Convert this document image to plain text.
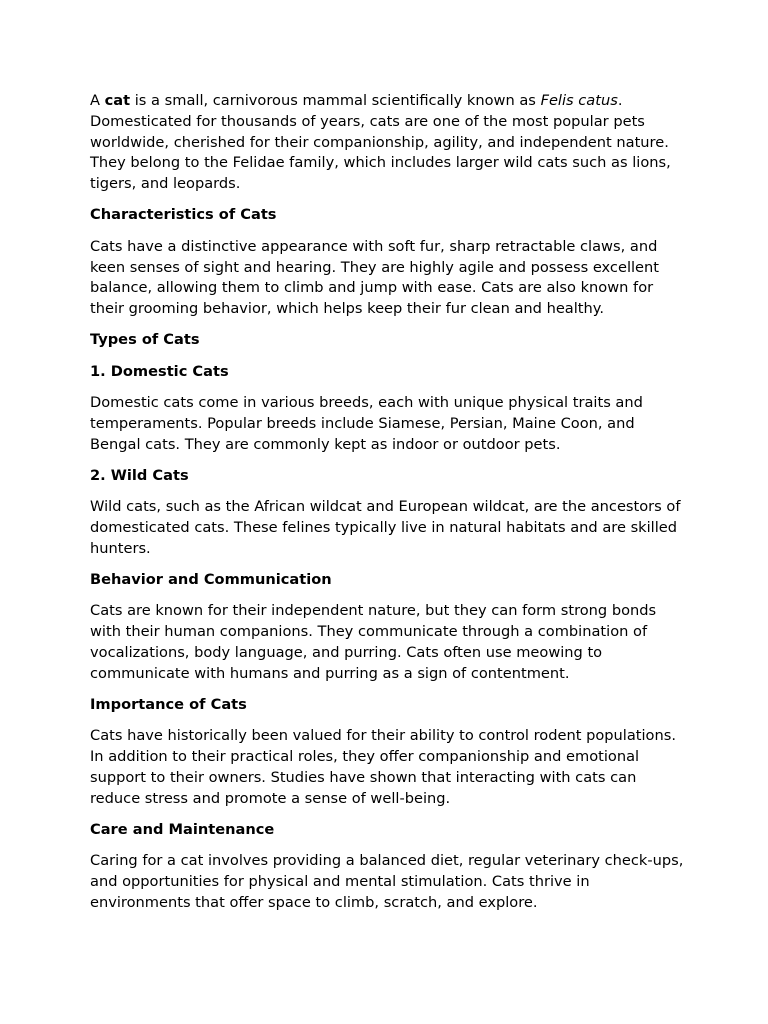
A cat is a small, carnivorous mammal scientifically known as Felis catus. Domesticated for thousands of years, cats are one of the most popular pets worldwide, cherished for their companionship, agility, and independent nature. They belong to the Felidae family, which includes larger wild cats such as lions, tigers, and leopards.

Characteristics of Cats

Cats have a distinctive appearance with soft fur, sharp retractable claws, and keen senses of sight and hearing. They are highly agile and possess excellent balance, allowing them to climb and jump with ease. Cats are also known for their grooming behavior, which helps keep their fur clean and healthy.

Types of Cats
1. Domestic Cats

Domestic cats come in various breeds, each with unique physical traits and temperaments. Popular breeds include Siamese, Persian, Maine Coon, and Bengal cats. They are commonly kept as indoor or outdoor pets.

2. Wild Cats

Wild cats, such as the African wildcat and European wildcat, are the ancestors of domesticated cats. These felines typically live in natural habitats and are skilled hunters.

Behavior and Communication

Cats are known for their independent nature, but they can form strong bonds with their human companions. They communicate through a combination of vocalizations, body language, and purring. Cats often use meowing to communicate with humans and purring as a sign of contentment.

Importance of Cats

Cats have historically been valued for their ability to control rodent populations. In addition to their practical roles, they offer companionship and emotional support to their owners. Studies have shown that interacting with cats can reduce stress and promote a sense of well-being.

Care and Maintenance

Caring for a cat involves providing a balanced diet, regular veterinary check-ups, and opportunities for physical and mental stimulation. Cats thrive in environments that offer space to climb, scratch, and explore.
